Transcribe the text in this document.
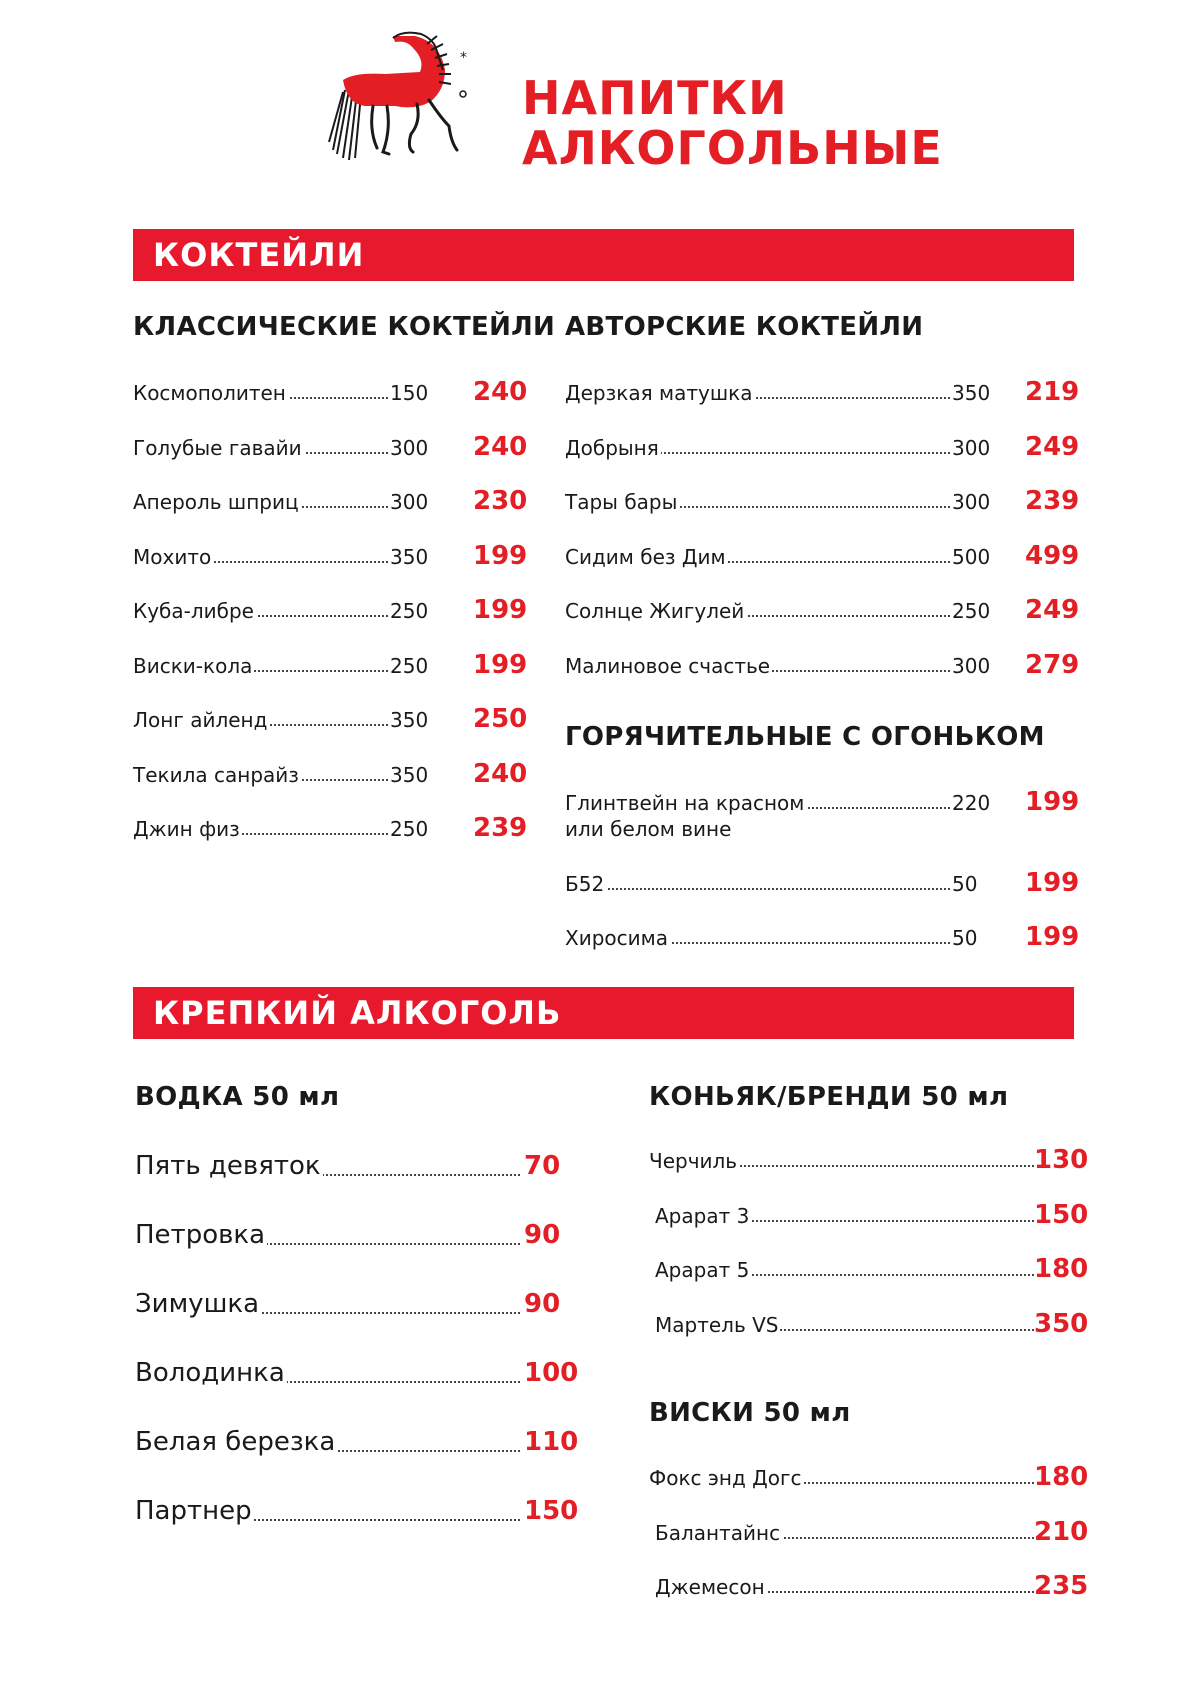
*
НАПИТКИ
АЛКОГОЛЬНЫЕ
КОКТЕЙЛИ
КЛАССИЧЕСКИЕ КОКТЕЙЛИ
Космополитен	150 240
Голубые гавайи	300 240
Апероль шприц	300 230
Мохито	350 199
Куба-либре	250 199
Виски-кола	250 199
Лонг айленд	350 250
Текила санрайз	350 240
Джин физ	250 239
АВТОРСКИЕ КОКТЕЙЛИ
Дерзкая матушка	350 219
Добрыня	300 249
Тары бары	300 239
Сидим без Дим	500 499
Солнце Жигулей	250 249
Малиновое счастье	300 279
ГОРЯЧИТЕЛЬНЫЕ С ОГОНЬКОМ
Глинтвейн на красном	220 199
или белом вине
Б52	50 199
Хиросима	50 199
КРЕПКИЙ АЛКОГОЛЬ
ВОДКА 50 мл
Пять девяток	70
Петровка	90
Зимушка	90
Володинка	100
Белая березка	110
Партнер	150
КОНЬЯК/БРЕНДИ 50 мл
Черчиль	130
Арарат 3	150
Арарат 5	180
Мартель VS	350
ВИСКИ 50 мл
Фокс энд Догс	180
Балантайнс	210
Джемесон	235
